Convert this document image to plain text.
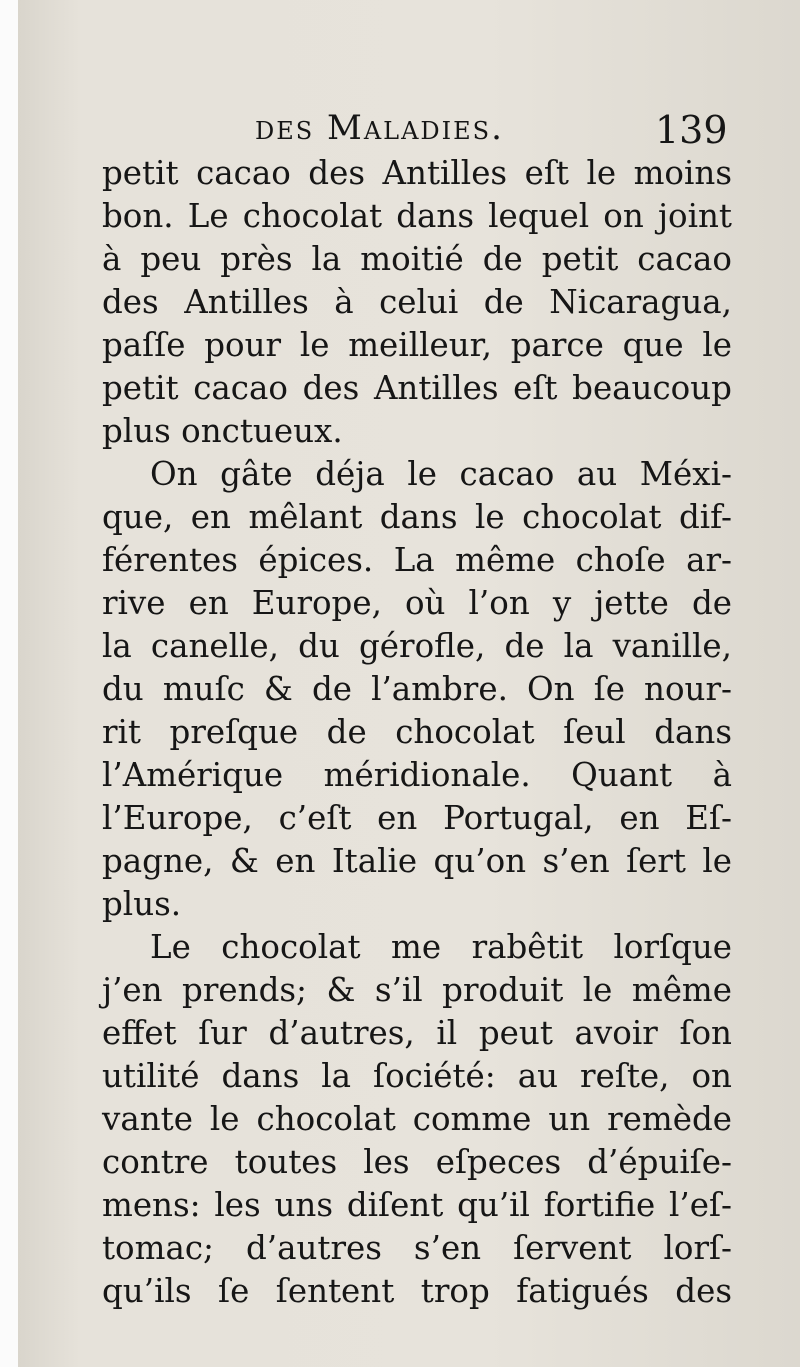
des Maladies.	139
petit cacao des Antilles eſt le moins
bon. Le chocolat dans lequel on joint
à peu près la moitié de petit cacao
des Antilles à celui de Nicaragua,
paſſe pour le meilleur, parce que le
petit cacao des Antilles eſt beaucoup
plus onctueux.
On gâte déja le cacao au Méxi-
que, en mêlant dans le chocolat dif-
férentes épices. La même choſe ar-
rive en Europe, où l’on y jette de
la canelle, du gérofle, de la vanille,
du muſc & de l’ambre. On ſe nour-
rit preſque de chocolat ſeul dans
l’Amérique méridionale. Quant à
l’Europe, c’eſt en Portugal, en Eſ-
pagne, & en Italie qu’on s’en ſert le
plus.
Le chocolat me rabêtit lorſque
j’en prends; & s’il produit le même
effet ſur d’autres, il peut avoir ſon
utilité dans la ſociété: au reſte, on
vante le chocolat comme un remède
contre toutes les eſpeces d’épuiſe-
mens: les uns diſent qu’il fortifie l’eſ-
tomac; d’autres s’en ſervent lorſ-
qu’ils ſe ſentent trop fatigués des
